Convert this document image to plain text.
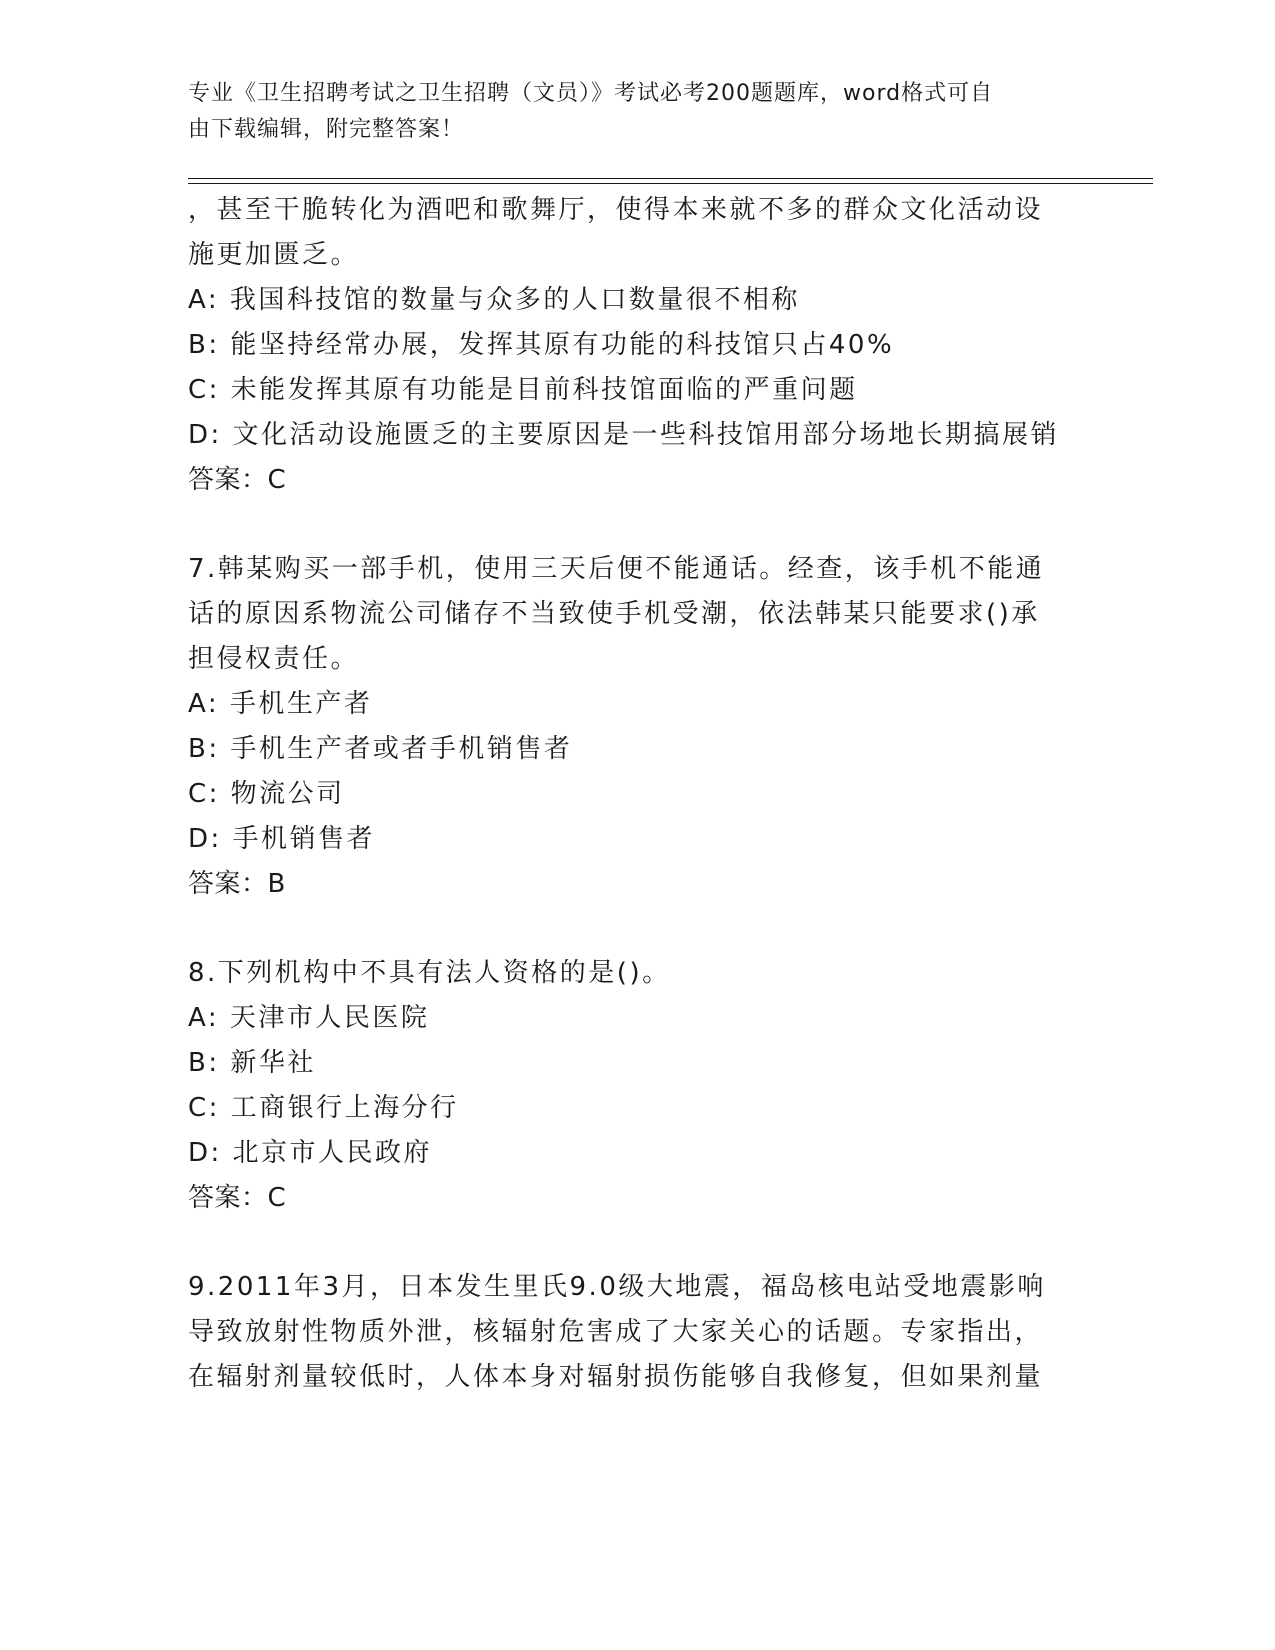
专业《卫生招聘考试之卫生招聘（文员）》考试必考200题题库，word格式可自
由下载编辑，附完整答案！
，甚至干脆转化为酒吧和歌舞厅，使得本来就不多的群众文化活动设
施更加匮乏。
A: 我国科技馆的数量与众多的人口数量很不相称
B: 能坚持经常办展，发挥其原有功能的科技馆只占40%
C: 未能发挥其原有功能是目前科技馆面临的严重问题
D: 文化活动设施匮乏的主要原因是一些科技馆用部分场地长期搞展销
答案：C
7.韩某购买一部手机，使用三天后便不能通话。经查，该手机不能通
话的原因系物流公司储存不当致使手机受潮，依法韩某只能要求()承
担侵权责任。
A: 手机生产者
B: 手机生产者或者手机销售者
C: 物流公司
D: 手机销售者
答案：B
8.下列机构中不具有法人资格的是()。
A: 天津市人民医院
B: 新华社
C: 工商银行上海分行
D: 北京市人民政府
答案：C
9.2011年3月，日本发生里氏9.0级大地震，福岛核电站受地震影响
导致放射性物质外泄，核辐射危害成了大家关心的话题。专家指出，
在辐射剂量较低时，人体本身对辐射损伤能够自我修复，但如果剂量
